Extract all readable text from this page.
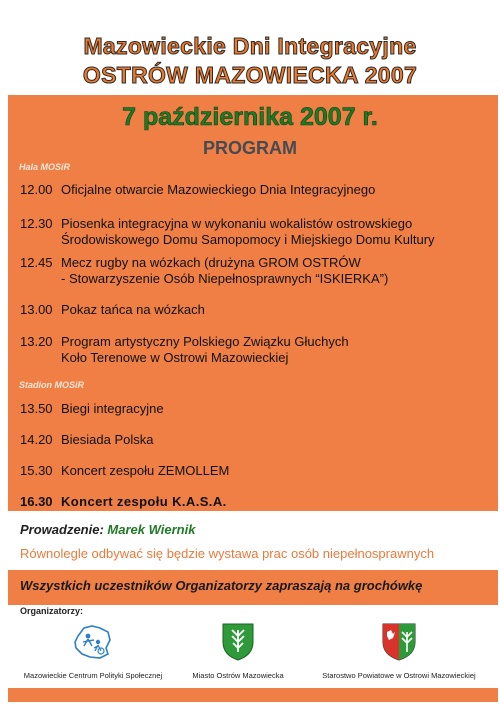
Mazowieckie Dni Integracyjne
OSTRÓW MAZOWIECKA 2007
7 października 2007 r.
PROGRAM
Hala MOSiR
12.00 Oficjalne otwarcie Mazowieckiego Dnia Integracyjnego
12.30 Piosenka integracyjna w wykonaniu wokalistów ostrowskiego
Środowiskowego Domu Samopomocy i Miejskiego Domu Kultury
12.45 Mecz rugby na wózkach (drużyna GROM OSTRÓW
- Stowarzyszenie Osób Niepełnosprawnych “ISKIERKA”)
13.00 Pokaz tańca na wózkach
13.20 Program artystyczny Polskiego Związku Głuchych
Koło Terenowe w Ostrowi Mazowieckiej
Stadion MOSiR
13.50 Biegi integracyjne
14.20 Biesiada Polska
15.30 Koncert zespołu ZEMOLLEM
16.30 Koncert zespołu K.A.S.A.
Prowadzenie: Marek Wiernik
Równolegle odbywać się będzie wystawa prac osób niepełnosprawnych
Wszystkich uczestników Organizatorzy zapraszają na grochówkę
Organizatorzy:
Mazowieckie Centrum Polityki Społecznej	Miasto Ostrów Mazowiecka	Starostwo Powiatowe w Ostrowi Mazowieckiej
